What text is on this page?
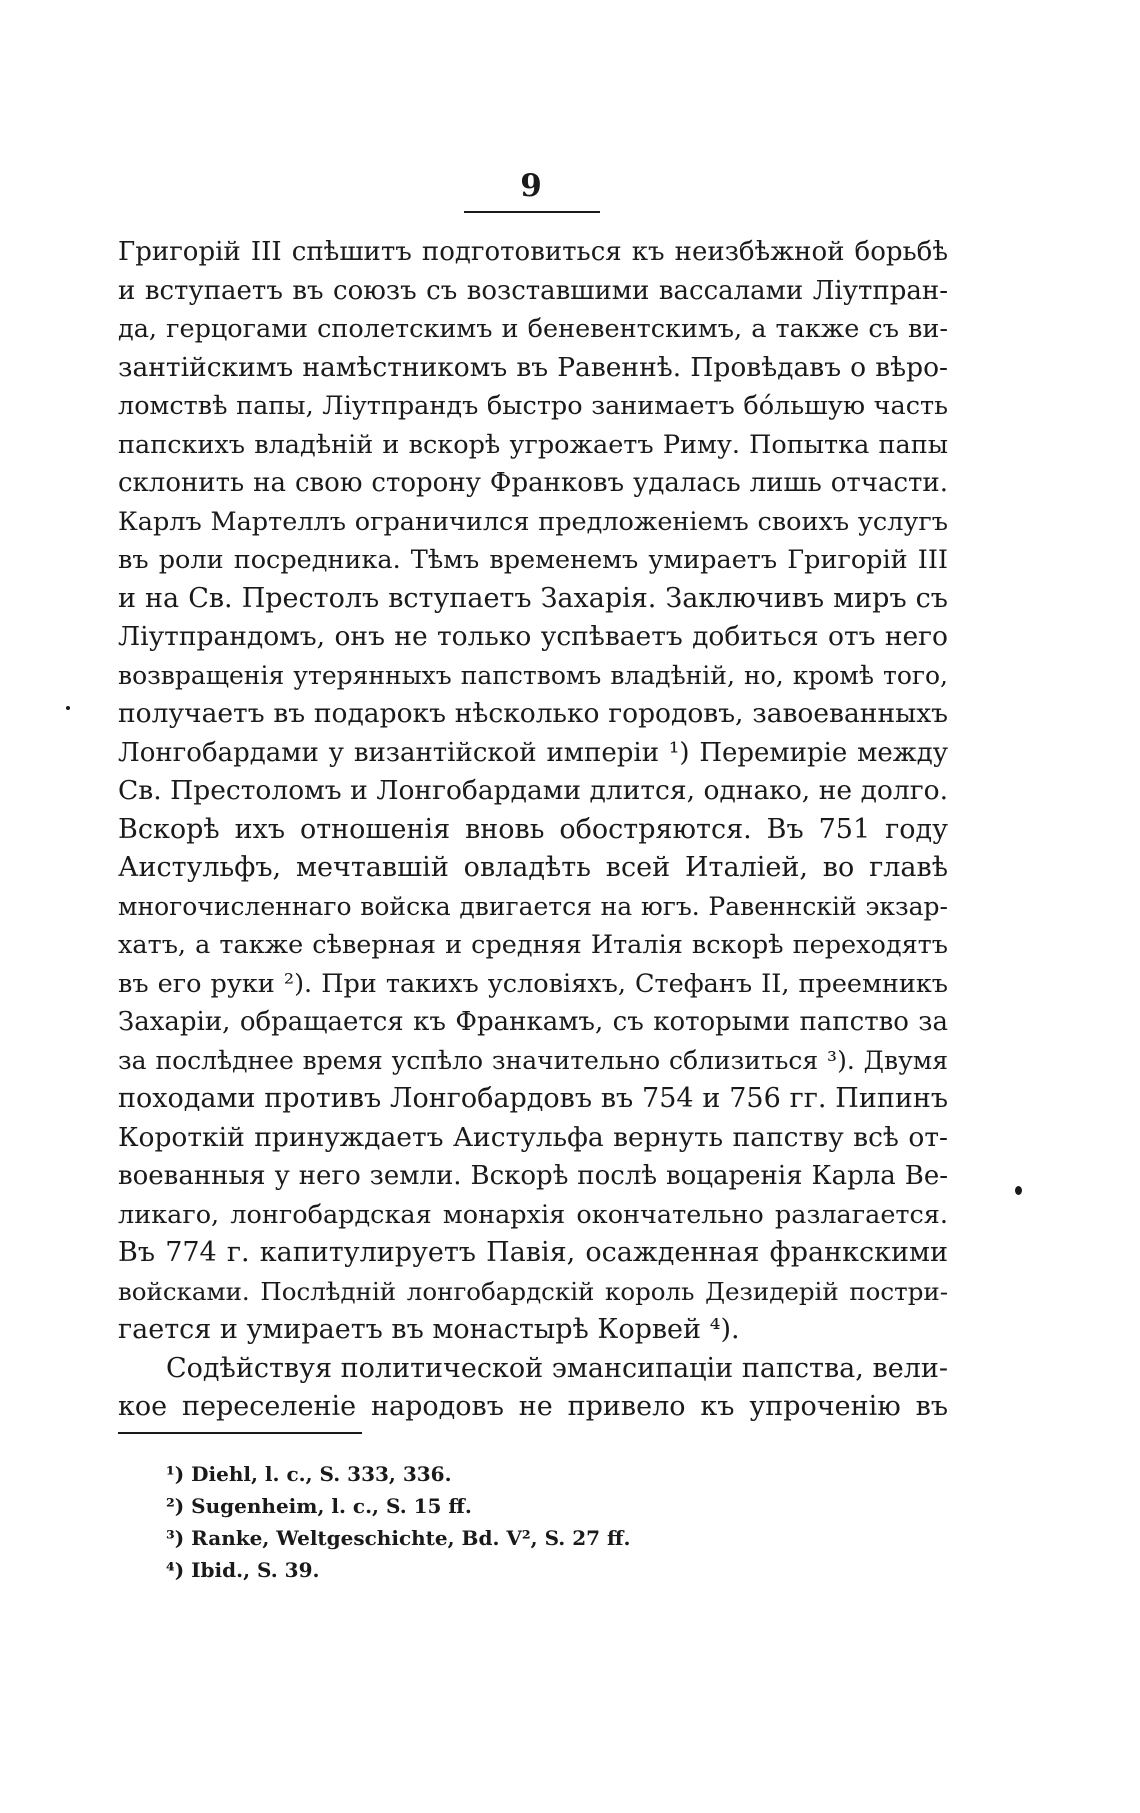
9
Григорій III спѣшитъ подготовиться къ неизбѣжной борьбѣ
и вступаетъ въ союзъ съ возставшими вассалами Ліутпран-
да, герцогами сполетскимъ и беневентскимъ, а также съ ви-
зантійскимъ намѣстникомъ въ Равеннѣ. Провѣдавъ о вѣро-
ломствѣ папы, Ліутпрандъ быстро занимаетъ бо́льшую часть
папскихъ владѣній и вскорѣ угрожаетъ Риму. Попытка папы
склонить на свою сторону Франковъ удалась лишь отчасти.
Карлъ Мартеллъ ограничился предложеніемъ своихъ услугъ
въ роли посредника. Тѣмъ временемъ умираетъ Григорій III
и на Св. Престолъ вступаетъ Захарія. Заключивъ миръ съ
Ліутпрандомъ, онъ не только успѣваетъ добиться отъ него
возвращенія утерянныхъ папствомъ владѣній, но, кромѣ того,
получаетъ въ подарокъ нѣсколько городовъ, завоеванныхъ
Лонгобардами у византійской имперіи ¹) Перемиріе между
Св. Престоломъ и Лонгобардами длится, однако, не долго.
Вскорѣ ихъ отношенія вновь обостряются. Въ 751 году
Аистульфъ, мечтавшій овладѣть всей Италіей, во главѣ
многочисленнаго войска двигается на югъ. Равеннскій экзар-
хатъ, а также сѣверная и средняя Италія вскорѣ переходятъ
въ его руки ²). При такихъ условіяхъ, Стефанъ II, преемникъ
Захаріи, обращается къ Франкамъ, съ которыми папство за
за послѣднее время успѣло значительно сблизиться ³). Двумя
походами противъ Лонгобардовъ въ 754 и 756 гг. Пипинъ
Короткій принуждаетъ Аистульфа вернуть папству всѣ от-
воеванныя у него земли. Вскорѣ послѣ воцаренія Карла Ве-
ликаго, лонгобардская монархія окончательно разлагается.
Въ 774 г. капитулируетъ Павія, осажденная франкскими
войсками. Послѣдній лонгобардскій король Дезидерій постри-
гается и умираетъ въ монастырѣ Корвей ⁴).
Содѣйствуя политической эмансипаціи папства, вели-
кое переселеніе народовъ не привело къ упроченію въ
¹) Diehl, l. c., S. 333, 336.
²) Sugenheim, l. c., S. 15 ff.
³) Ranke, Weltgeschichte, Bd. V², S. 27 ff.
⁴) Ibid., S. 39.
